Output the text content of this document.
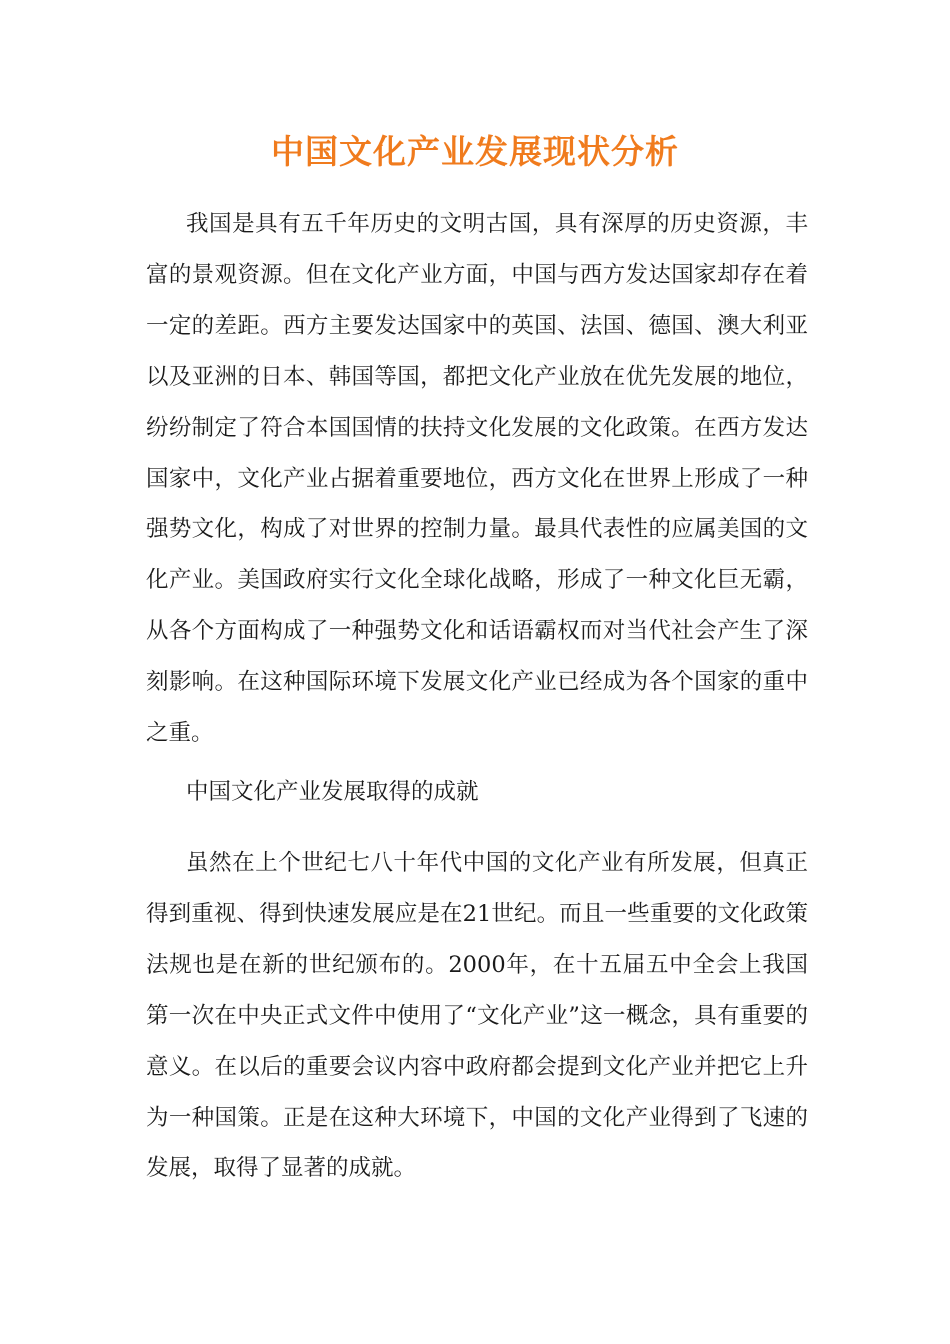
中国文化产业发展现状分析

我国是具有五千年历史的文明古国，具有深厚的历史资源，丰富的景观资源。但在文化产业方面，中国与西方发达国家却存在着一定的差距。西方主要发达国家中的英国、法国、德国、澳大利亚以及亚洲的日本、韩国等国，都把文化产业放在优先发展的地位，纷纷制定了符合本国国情的扶持文化发展的文化政策。在西方发达国家中，文化产业占据着重要地位，西方文化在世界上形成了一种强势文化，构成了对世界的控制力量。最具代表性的应属美国的文化产业。美国政府实行文化全球化战略，形成了一种文化巨无霸，从各个方面构成了一种强势文化和话语霸权而对当代社会产生了深刻影响。在这种国际环境下发展文化产业已经成为各个国家的重中之重。

中国文化产业发展取得的成就

虽然在上个世纪七八十年代中国的文化产业有所发展，但真正得到重视、得到快速发展应是在21世纪。而且一些重要的文化政策法规也是在新的世纪颁布的。2000年，在十五届五中全会上我国第一次在中央正式文件中使用了“文化产业”这一概念，具有重要的意义。在以后的重要会议内容中政府都会提到文化产业并把它上升为一种国策。正是在这种大环境下，中国的文化产业得到了飞速的发展，取得了显著的成就。
